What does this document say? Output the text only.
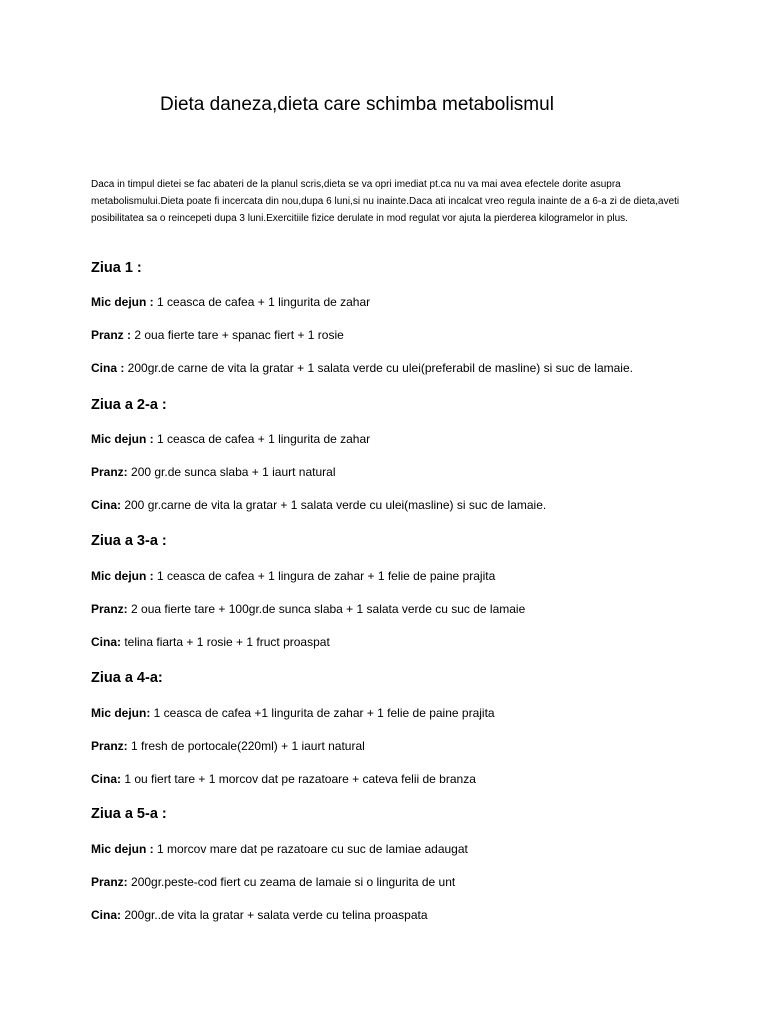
Dieta daneza,dieta care schimba metabolismul

Daca in timpul dietei se fac abateri de la planul scris,dieta se va opri imediat pt.ca nu va mai avea efectele dorite asupra metabolismului.Dieta poate fi incercata din nou,dupa 6 luni,si nu inainte.Daca ati incalcat vreo regula inainte de a 6-a zi de dieta,aveti posibilitatea sa o reincepeti dupa 3 luni.Exercitiile fizice derulate in mod regulat vor ajuta la pierderea kilogramelor in plus.

Ziua 1 :

Mic dejun : 1 ceasca de cafea + 1 lingurita de zahar

Pranz : 2 oua fierte tare + spanac fiert + 1 rosie

Cina : 200gr.de carne de vita la gratar + 1 salata verde cu ulei(preferabil de masline) si suc de lamaie.

Ziua a 2-a :

Mic dejun : 1 ceasca de cafea + 1 lingurita de zahar

Pranz: 200 gr.de sunca slaba + 1 iaurt natural

Cina: 200 gr.carne de vita la gratar + 1 salata verde cu ulei(masline) si suc de lamaie.

Ziua a 3-a :

Mic dejun : 1 ceasca de cafea + 1 lingura de zahar + 1 felie de paine prajita

Pranz: 2 oua fierte tare + 100gr.de sunca slaba + 1 salata verde cu suc de lamaie

Cina: telina fiarta + 1 rosie + 1 fruct proaspat

Ziua a 4-a:

Mic dejun: 1 ceasca de cafea +1 lingurita de zahar + 1 felie de paine prajita

Pranz: 1 fresh de portocale(220ml) + 1 iaurt natural

Cina: 1 ou fiert tare + 1 morcov dat pe razatoare + cateva felii de branza

Ziua a 5-a :

Mic dejun : 1 morcov mare dat pe razatoare cu suc de lamiae adaugat

Pranz: 200gr.peste-cod fiert cu zeama de lamaie si o lingurita de unt

Cina: 200gr..de vita la gratar + salata verde cu telina proaspata
